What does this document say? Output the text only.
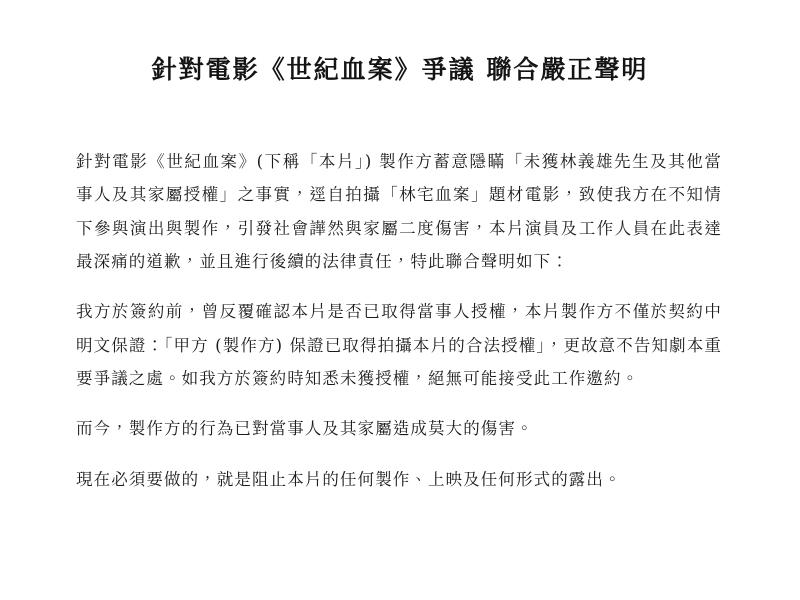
針對電影《世紀血案》爭議 聯合嚴正聲明

針對電影《世紀血案》(下稱「本片」) 製作方蓄意隱瞞「未獲林義雄先生及其他當事人及其家屬授權」之事實，逕自拍攝「林宅血案」題材電影，致使我方在不知情下參與演出與製作，引發社會譁然與家屬二度傷害，本片演員及工作人員在此表達最深痛的道歉，並且進行後續的法律責任，特此聯合聲明如下：

我方於簽約前，曾反覆確認本片是否已取得當事人授權，本片製作方不僅於契約中明文保證：「甲方 (製作方) 保證已取得拍攝本片的合法授權」，更故意不告知劇本重要爭議之處。如我方於簽約時知悉未獲授權，絕無可能接受此工作邀約。

而今，製作方的行為已對當事人及其家屬造成莫大的傷害。

現在必須要做的，就是阻止本片的任何製作、上映及任何形式的露出。
